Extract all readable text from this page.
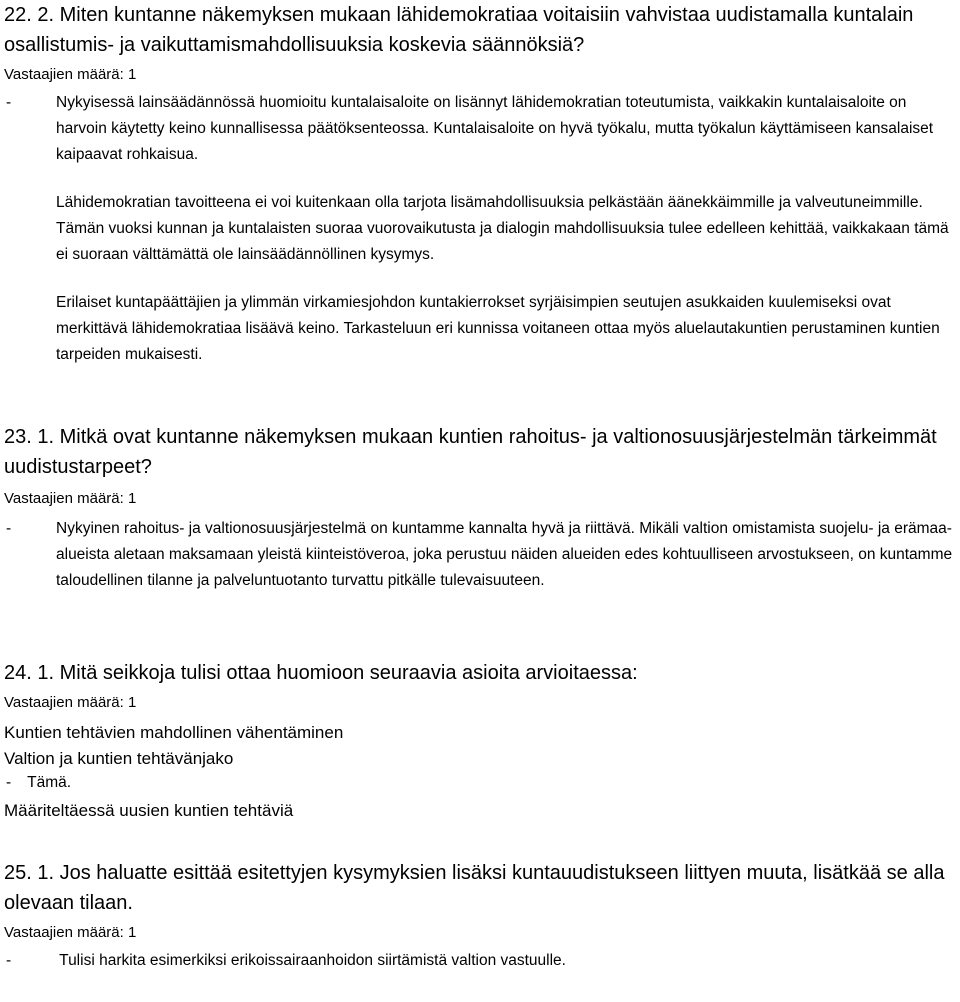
22. 2. Miten kuntanne näkemyksen mukaan lähidemokratiaa voitaisiin vahvistaa uudistamalla kuntalain osallistumis- ja vaikuttamismahdollisuuksia koskevia säännöksiä?

Vastaajien määrä: 1

-	Nykyisessä lainsäädännössä huomioitu kuntalaisaloite on lisännyt lähidemokratian toteutumista, vaikkakin kuntalaisaloite on harvoin käytetty keino kunnallisessa päätöksenteossa. Kuntalaisaloite on hyvä työkalu, mutta työkalun käyttämiseen kansalaiset kaipaavat rohkaisua.

Lähidemokratian tavoitteena ei voi kuitenkaan olla tarjota lisämahdollisuuksia pelkästään äänekkäimmille ja valveutuneimmille. Tämän vuoksi kunnan ja kuntalaisten suoraa vuorovaikutusta ja dialogin mahdollisuuksia tulee edelleen kehittää, vaikkakaan tämä ei suoraan välttämättä ole lainsäädännöllinen kysymys.

Erilaiset kuntapäättäjien ja ylimmän virkamiesjohdon kuntakierrokset syrjäisimpien seutujen asukkaiden kuulemiseksi ovat merkittävä lähidemokratiaa lisäävä keino. Tarkasteluun eri kunnissa voitaneen ottaa myös aluelautakuntien perustaminen kuntien tarpeiden mukaisesti.

23. 1. Mitkä ovat kuntanne näkemyksen mukaan kuntien rahoitus- ja valtionosuusjärjestelmän tärkeimmät uudistustarpeet?

Vastaajien määrä: 1

-	Nykyinen rahoitus- ja valtionosuusjärjestelmä on kuntamme kannalta hyvä ja riittävä. Mikäli valtion omistamista suojelu- ja erämaa-alueista aletaan maksamaan yleistä kiinteistöveroa, joka perustuu näiden alueiden edes kohtuulliseen arvostukseen, on kuntamme taloudellinen tilanne ja palveluntuotanto turvattu pitkälle tulevaisuuteen.
24. 1. Mitä seikkoja tulisi ottaa huomioon seuraavia asioita arvioitaessa:

Vastaajien määrä: 1

Kuntien tehtävien mahdollinen vähentäminen

Valtion ja kuntien tehtävänjako

- Tämä.

Määriteltäessä uusien kuntien tehtäviä

25. 1. Jos haluatte esittää esitettyjen kysymyksien lisäksi kuntauudistukseen liittyen muuta, lisätkää se alla olevaan tilaan.

Vastaajien määrä: 1

-	Tulisi harkita esimerkiksi erikoissairaanhoidon siirtämistä valtion vastuulle.
